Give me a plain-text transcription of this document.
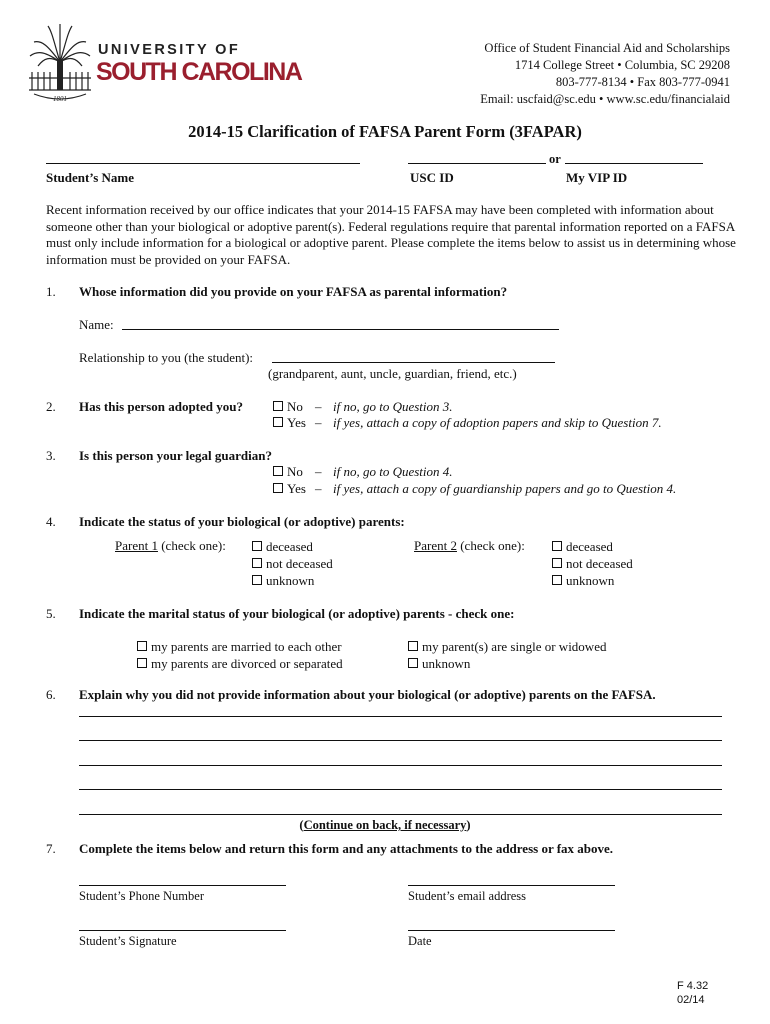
1801
UNIVERSITY OF
SOUTH CAROLINA
Office of Student Financial Aid and Scholarships
1714 College Street • Columbia, SC 29208
803-777-8134 • Fax 803-777-0941
Email: uscfaid@sc.edu • www.sc.edu/financialaid
2014-15 Clarification of FAFSA Parent Form (3FAPAR)
Student’s Name
or
USC ID	My VIP ID
Recent information received by our office indicates that your 2014-15 FAFSA may have been completed with information about someone other than your biological or adoptive parent(s). Federal regulations require that parental information reported on a FAFSA must only include information for a biological or adoptive parent. Please complete the items below to assist us in determining whose information must be provided on your FAFSA.
1. Whose information did you provide on your FAFSA as parental information?
Name:
Relationship to you (the student):
(grandparent, aunt, uncle, guardian, friend, etc.)
2. Has this person adopted you?	No – if no, go to Question 3.
Yes – if yes, attach a copy of adoption papers and skip to Question 7.
3. Is this person your legal guardian?
No – if no, go to Question 4.
Yes – if yes, attach a copy of guardianship papers and go to Question 4.
4. Indicate the status of your biological (or adoptive) parents:
Parent 1 (check one):	deceased
not deceased
unknown
Parent 2 (check one):	deceased
not deceased
unknown
5. Indicate the marital status of your biological (or adoptive) parents - check one:
my parents are married to each other
my parents are divorced or separated
my parent(s) are single or widowed
unknown
6. Explain why you did not provide information about your biological (or adoptive) parents on the FAFSA.
(Continue on back, if necessary)
7. Complete the items below and return this form and any attachments to the address or fax above.
Student’s Phone Number	Student’s email address
Student’s Signature	Date
F 4.32
02/14
